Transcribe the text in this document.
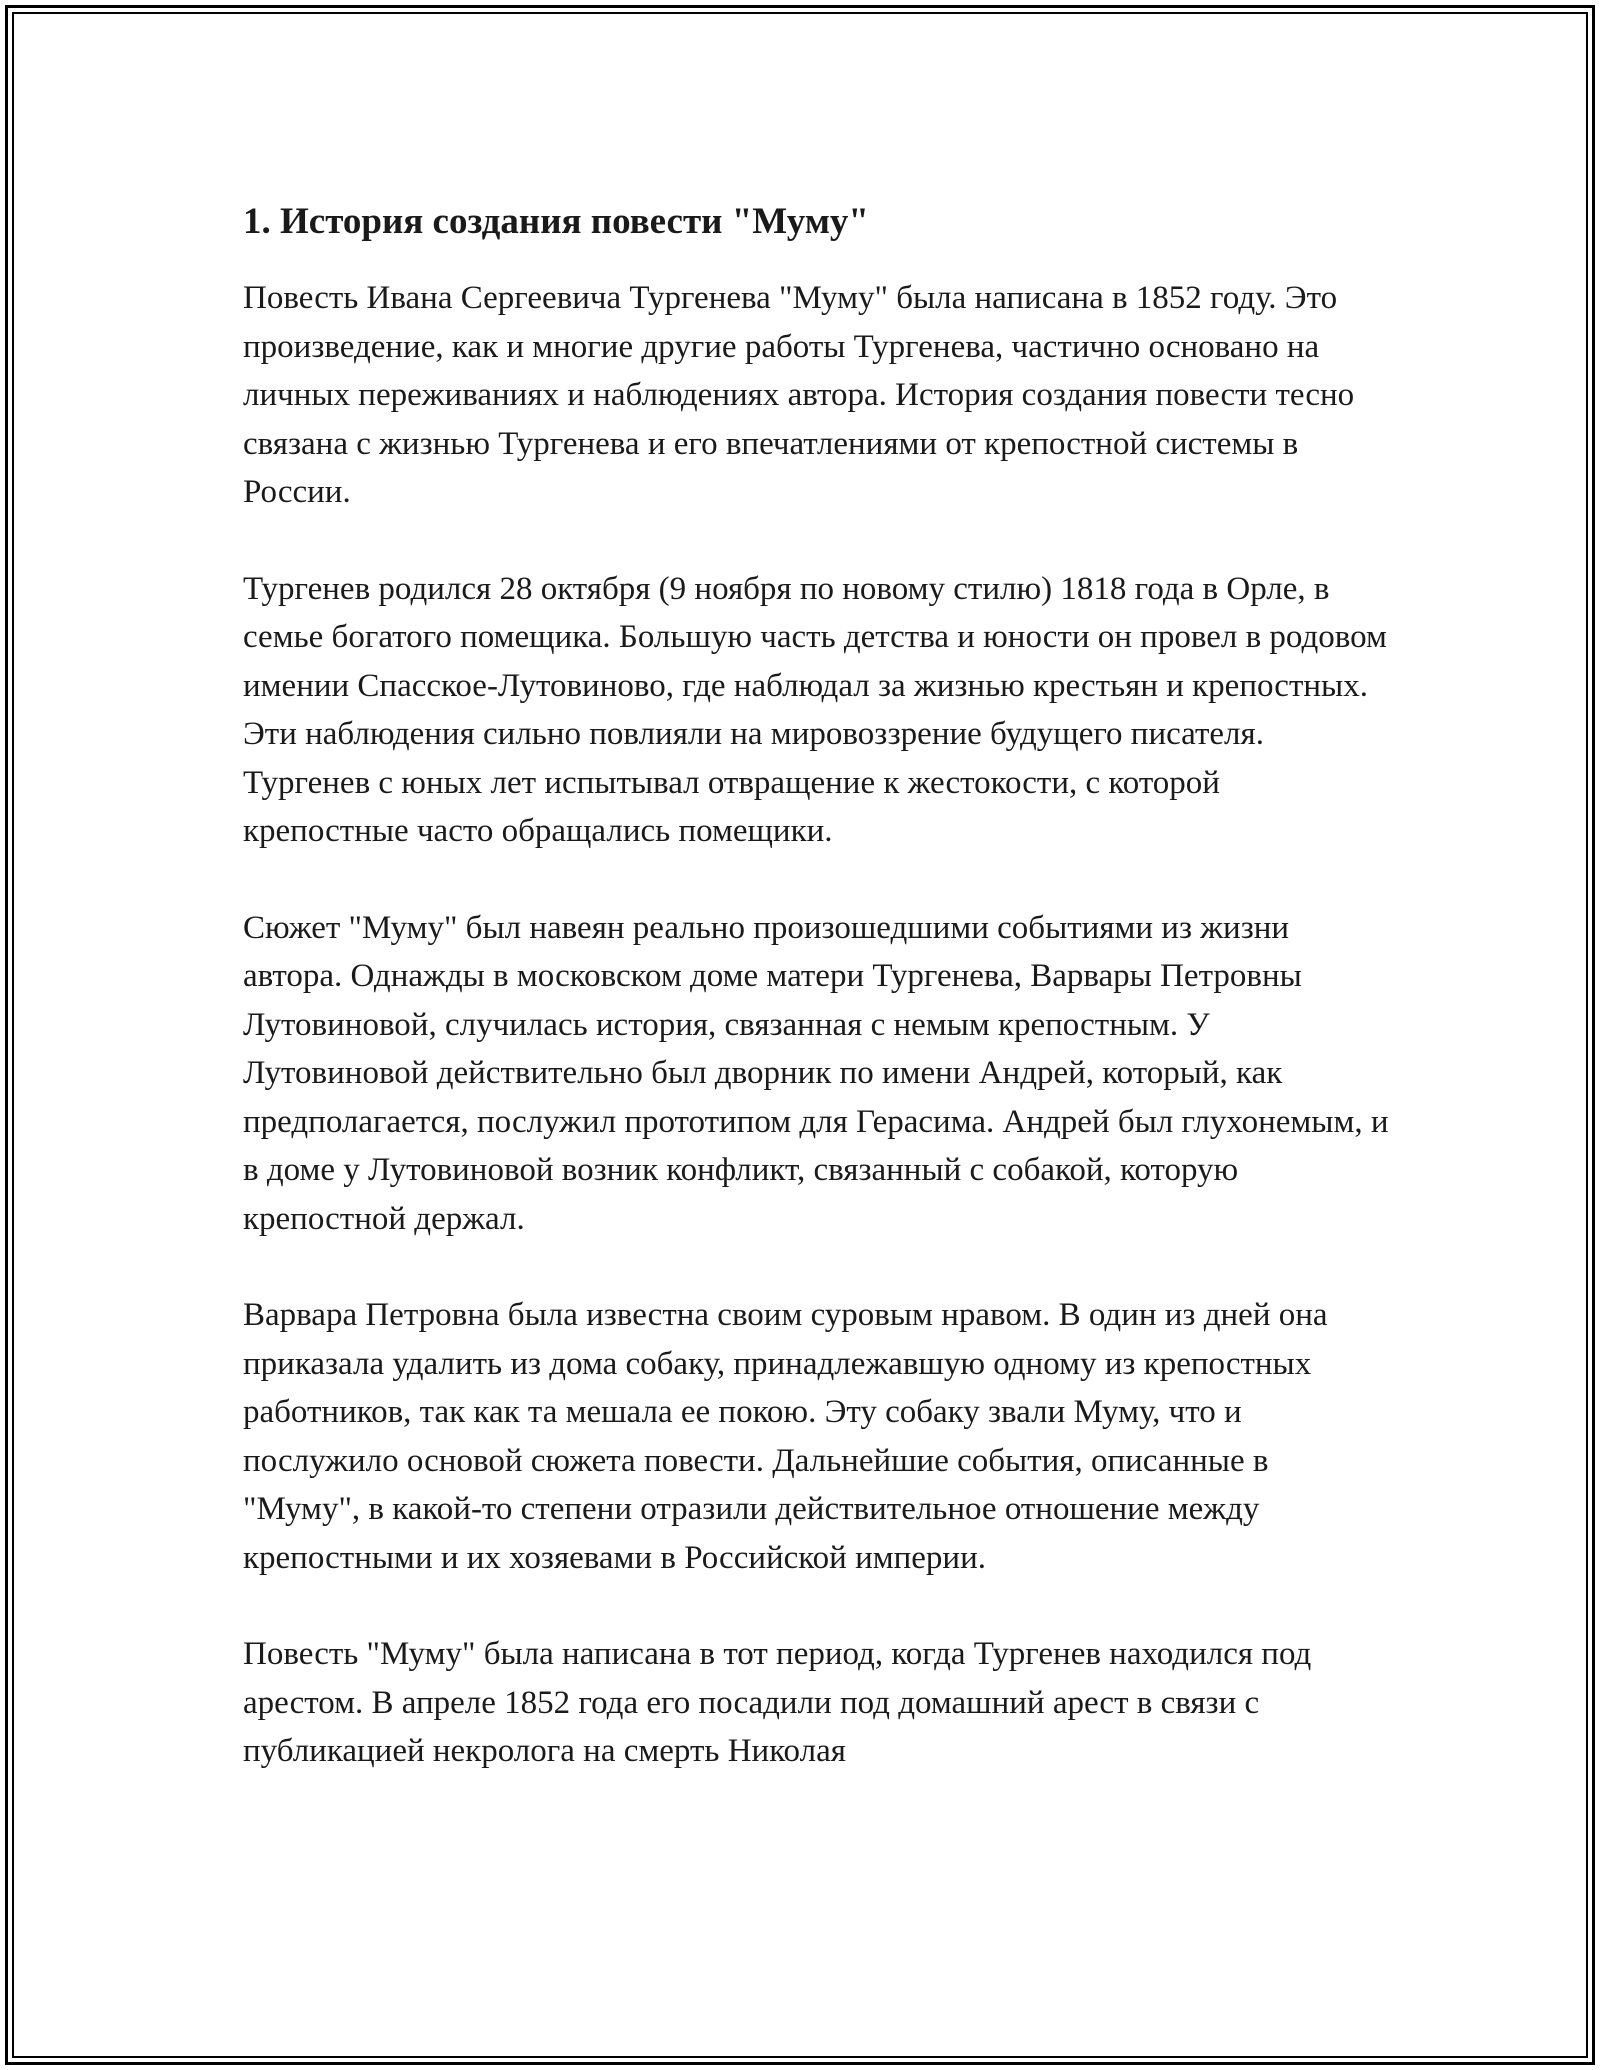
1. История создания повести "Муму"

Повесть Ивана Сергеевича Тургенева "Муму" была написана в 1852 году. Это произведение, как и многие другие работы Тургенева, частично основано на личных переживаниях и наблюдениях автора. История создания повести тесно связана с жизнью Тургенева и его впечатлениями от крепостной системы в России.

Тургенев родился 28 октября (9 ноября по новому стилю) 1818 года в Орле, в семье богатого помещика. Большую часть детства и юности он провел в родовом имении Спасское-Лутовиново, где наблюдал за жизнью крестьян и крепостных. Эти наблюдения сильно повлияли на мировоззрение будущего писателя. Тургенев с юных лет испытывал отвращение к жестокости, с которой крепостные часто обращались помещики.

Сюжет "Муму" был навеян реально произошедшими событиями из жизни автора. Однажды в московском доме матери Тургенева, Варвары Петровны Лутовиновой, случилась история, связанная с немым крепостным. У Лутовиновой действительно был дворник по имени Андрей, который, как предполагается, послужил прототипом для Герасима. Андрей был глухонемым, и в доме у Лутовиновой возник конфликт, связанный с собакой, которую крепостной держал.

Варвара Петровна была известна своим суровым нравом. В один из дней она приказала удалить из дома собаку, принадлежавшую одному из крепостных работников, так как та мешала ее покою. Эту собаку звали Муму, что и послужило основой сюжета повести. Дальнейшие события, описанные в "Муму", в какой-то степени отразили действительное отношение между крепостными и их хозяевами в Российской империи.

Повесть "Муму" была написана в тот период, когда Тургенев находился под арестом. В апреле 1852 года его посадили под домашний арест в связи с публикацией некролога на смерть Николая
